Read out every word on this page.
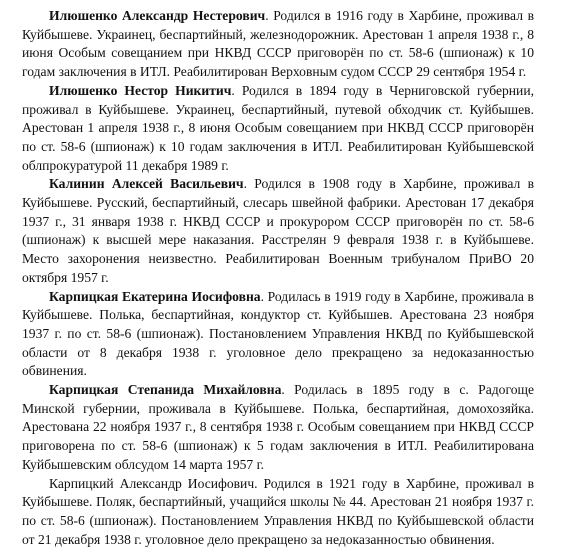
Илюшенко Александр Нестерович. Родился в 1916 году в Харбине, проживал в Куйбышеве. Украинец, беспартийный, железнодорожник. Арестован 1 апреля 1938 г., 8 июня Особым совещанием при НКВД СССР приговорён по ст. 58-6 (шпионаж) к 10 годам заключения в ИТЛ. Реабилитирован Верховным судом СССР 29 сентября 1954 г.

Илюшенко Нестор Никитич. Родился в 1894 году в Черниговской губернии, проживал в Куйбышеве. Украинец, беспартийный, путевой обходчик ст. Куйбышев. Арестован 1 апреля 1938 г., 8 июня Особым совещанием при НКВД СССР приговорён по ст. 58-6 (шпионаж) к 10 годам заключения в ИТЛ. Реабилитирован Куйбышевской облпрокуратурой 11 декабря 1989 г.

Калинин Алексей Васильевич. Родился в 1908 году в Харбине, проживал в Куйбышеве. Русский, беспартийный, слесарь швейной фабрики. Арестован 17 декабря 1937 г., 31 января 1938 г. НКВД СССР и прокурором СССР приговорён по ст. 58-6 (шпионаж) к высшей мере наказания. Расстрелян 9 февраля 1938 г. в Куйбышеве. Место захоронения неизвестно. Реабилитирован Военным трибуналом ПриВО 20 октября 1957 г.

Карпицкая Екатерина Иосифовна. Родилась в 1919 году в Харбине, проживала в Куйбышеве. Полька, беспартийная, кондуктор ст. Куйбышев. Арестована 23 ноября 1937 г. по ст. 58-6 (шпионаж). Постановлением Управления НКВД по Куйбышевской области от 8 декабря 1938 г. уголовное дело прекращено за недоказанностью обвинения.

Карпицкая Степанида Михайловна. Родилась в 1895 году в с. Радогоще Минской губернии, проживала в Куйбышеве. Полька, беспартийная, домохозяйка. Арестована 22 ноября 1937 г., 8 сентября 1938 г. Особым совещанием при НКВД СССР приговорена по ст. 58-6 (шпионаж) к 5 годам заключения в ИТЛ. Реабилитирована Куйбышевским облсудом 14 марта 1957 г.

Карпицкий Александр Иосифович. Родился в 1921 году в Харбине, проживал в Куйбышеве. Поляк, беспартийный, учащийся школы № 44. Арестован 21 ноября 1937 г. по ст. 58-6 (шпионаж). Постановлением Управления НКВД по Куйбышевской области от 21 декабря 1938 г. уголовное дело прекращено за недоказанностью обвинения.
